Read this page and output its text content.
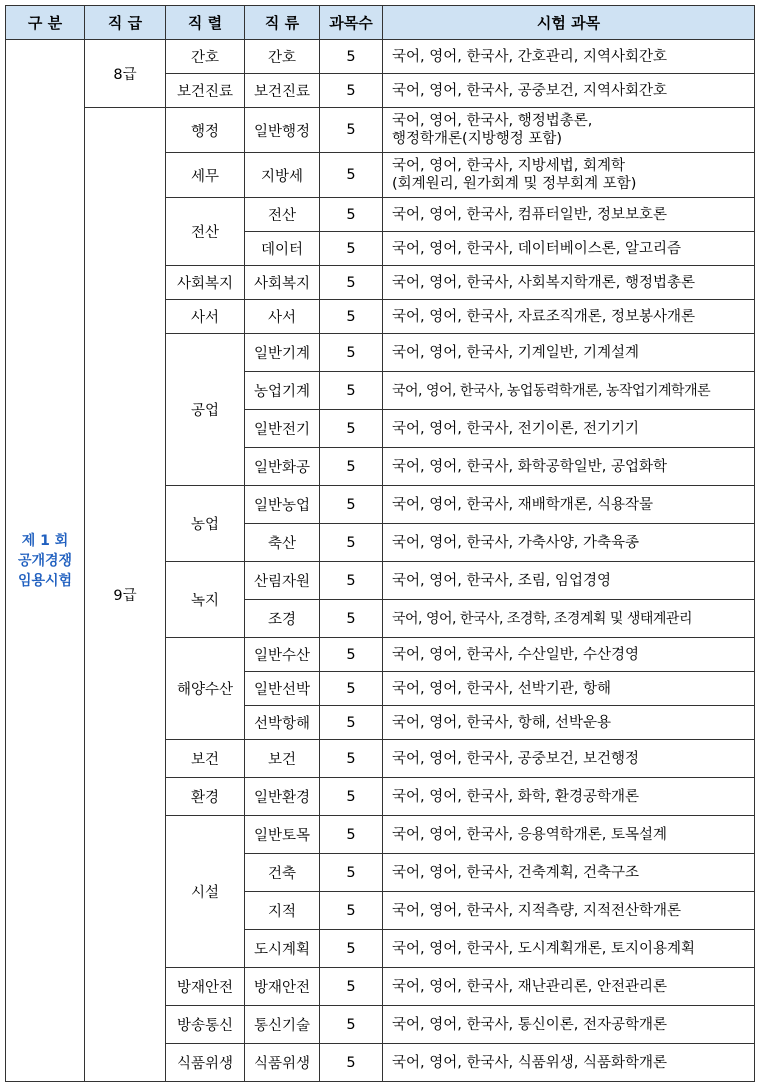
구 분	직 급	직 렬	직 류	과목수	시험 과목

제 1 회
공개경쟁
임용시험	8급	간호	간호	5	국어, 영어, 한국사, 간호관리, 지역사회간호
		보건진료	보건진료	5	국어, 영어, 한국사, 공중보건, 지역사회간호
	9급	행정	일반행정	5	국어, 영어, 한국사, 행정법총론,
행정학개론(지방행정 포함)
		세무	지방세	5	국어, 영어, 한국사, 지방세법, 회계학
(회계원리, 원가회계 및 정부회계 포함)
		전산	전산	5	국어, 영어, 한국사, 컴퓨터일반, 정보보호론
			데이터	5	국어, 영어, 한국사, 데이터베이스론, 알고리즘
		사회복지	사회복지	5	국어, 영어, 한국사, 사회복지학개론, 행정법총론
		사서	사서	5	국어, 영어, 한국사, 자료조직개론, 정보봉사개론
		공업	일반기계	5	국어, 영어, 한국사, 기계일반, 기계설계
			농업기계	5	국어, 영어, 한국사, 농업동력학개론, 농작업기계학개론
			일반전기	5	국어, 영어, 한국사, 전기이론, 전기기기
			일반화공	5	국어, 영어, 한국사, 화학공학일반, 공업화학
		농업	일반농업	5	국어, 영어, 한국사, 재배학개론, 식용작물
			축산	5	국어, 영어, 한국사, 가축사양, 가축육종
		녹지	산림자원	5	국어, 영어, 한국사, 조림, 임업경영
			조경	5	국어, 영어, 한국사, 조경학, 조경계획 및 생태계관리
		해양수산	일반수산	5	국어, 영어, 한국사, 수산일반, 수산경영
			일반선박	5	국어, 영어, 한국사, 선박기관, 항해
			선박항해	5	국어, 영어, 한국사, 항해, 선박운용
		보건	보건	5	국어, 영어, 한국사, 공중보건, 보건행정
		환경	일반환경	5	국어, 영어, 한국사, 화학, 환경공학개론
		시설	일반토목	5	국어, 영어, 한국사, 응용역학개론, 토목설계
			건축	5	국어, 영어, 한국사, 건축계획, 건축구조
			지적	5	국어, 영어, 한국사, 지적측량, 지적전산학개론
			도시계획	5	국어, 영어, 한국사, 도시계획개론, 토지이용계획
		방재안전	방재안전	5	국어, 영어, 한국사, 재난관리론, 안전관리론
		방송통신	통신기술	5	국어, 영어, 한국사, 통신이론, 전자공학개론
		식품위생	식품위생	5	국어, 영어, 한국사, 식품위생, 식품화학개론
